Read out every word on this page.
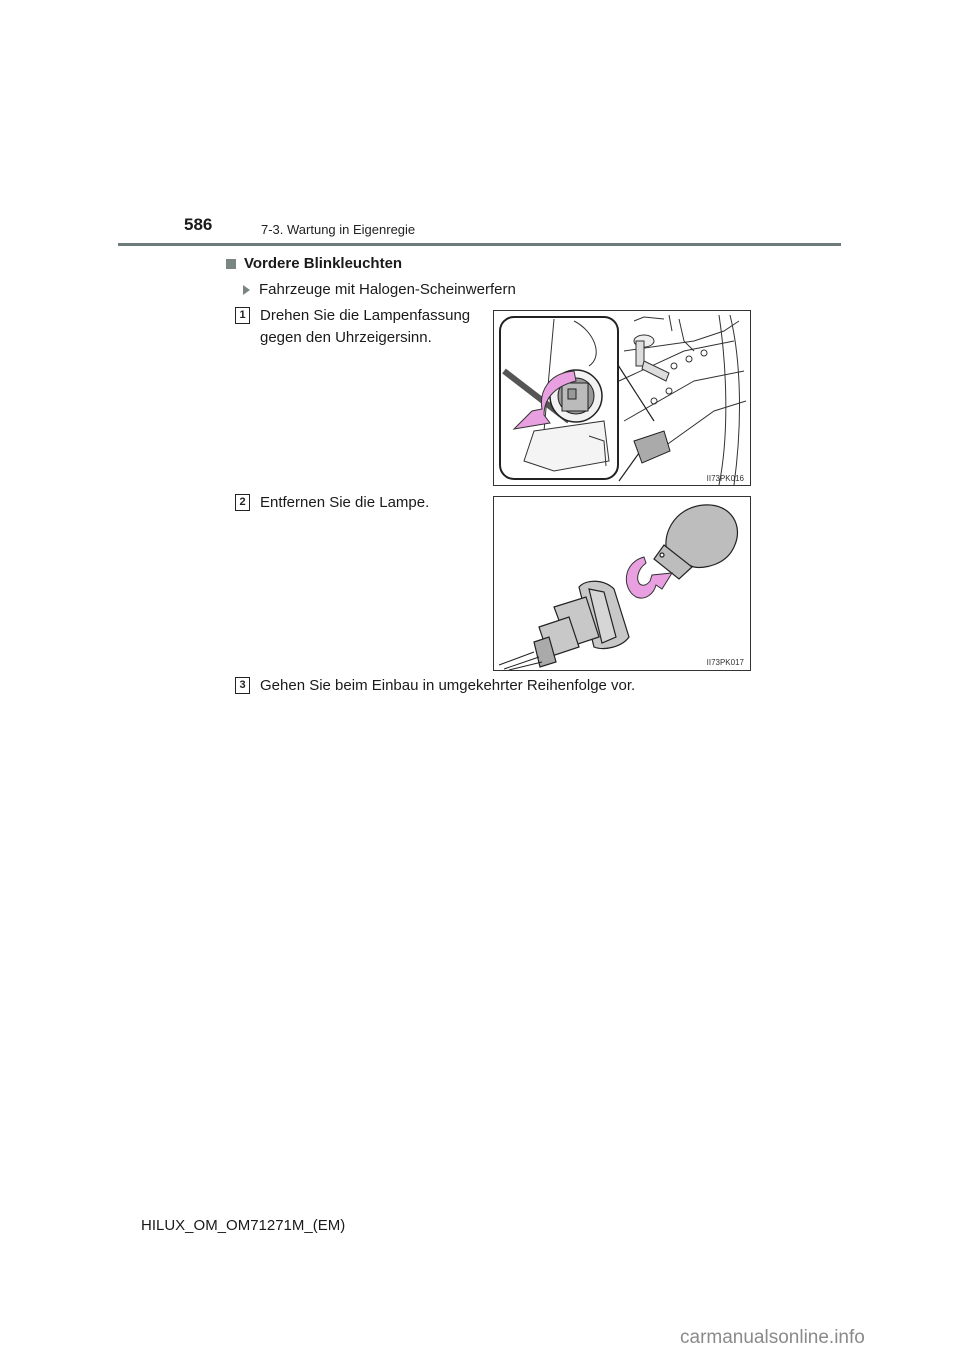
586	7-3. Wartung in Eigenregie
Vordere Blinkleuchten
Fahrzeuge mit Halogen-Scheinwerfern
1 Drehen Sie die Lampenfassung
gegen den Uhrzeigersinn.
II73PK016
2 Entfernen Sie die Lampe.
II73PK017
3 Gehen Sie beim Einbau in umgekehrter Reihenfolge vor.
HILUX_OM_OM71271M_(EM)
carmanualsonline.info
